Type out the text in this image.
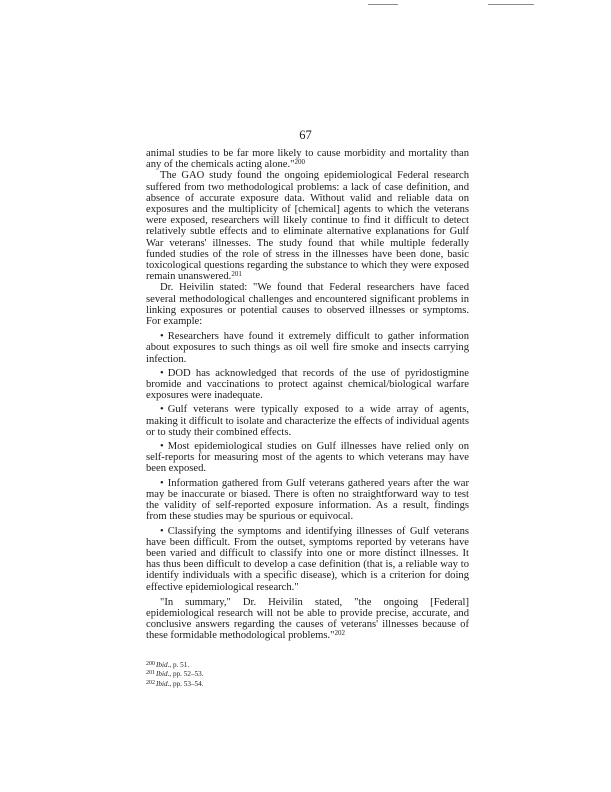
67

animal studies to be far more likely to cause morbidity and mortality than any of the chemicals acting alone."$^{200}$

The GAO study found the ongoing epidemiological Federal research suffered from two methodological problems: a lack of case definition, and absence of accurate exposure data. Without valid and reliable data on exposures and the multiplicity of [chemical] agents to which the veterans were exposed, researchers will likely continue to find it difficult to detect relatively subtle effects and to eliminate alternative explanations for Gulf War veterans' illnesses. The study found that while multiple federally funded studies of the role of stress in the illnesses have been done, basic toxicological questions regarding the substance to which they were exposed remain unanswered.$^{201}$

Dr. Heivilin stated: "We found that Federal researchers have faced several methodological challenges and encountered significant problems in linking exposures or potential causes to observed illnesses or symptoms. For example:

• Researchers have found it extremely difficult to gather information about exposures to such things as oil well fire smoke and insects carrying infection.
• DOD has acknowledged that records of the use of pyridostigmine bromide and vaccinations to protect against chemical/biological warfare exposures were inadequate.
• Gulf veterans were typically exposed to a wide array of agents, making it difficult to isolate and characterize the effects of individual agents or to study their combined effects.
• Most epidemiological studies on Gulf illnesses have relied only on self-reports for measuring most of the agents to which veterans may have been exposed.
• Information gathered from Gulf veterans gathered years after the war may be inaccurate or biased. There is often no straightforward way to test the validity of self-reported exposure information. As a result, findings from these studies may be spurious or equivocal.
• Classifying the symptoms and identifying illnesses of Gulf veterans have been difficult. From the outset, symptoms reported by veterans have been varied and difficult to classify into one or more distinct illnesses. It has thus been difficult to develop a case definition (that is, a reliable way to identify individuals with a specific disease), which is a criterion for doing effective epidemiological research."

"In summary," Dr. Heivilin stated, "the ongoing [Federal] epidemiological research will not be able to provide precise, accurate, and conclusive answers regarding the causes of veterans' illnesses because of these formidable methodological problems."$^{202}$

$^{200}$Ibid., p. 51.
$^{201}$Ibid., pp. 52–53.
$^{202}$Ibid., pp. 53–54.
